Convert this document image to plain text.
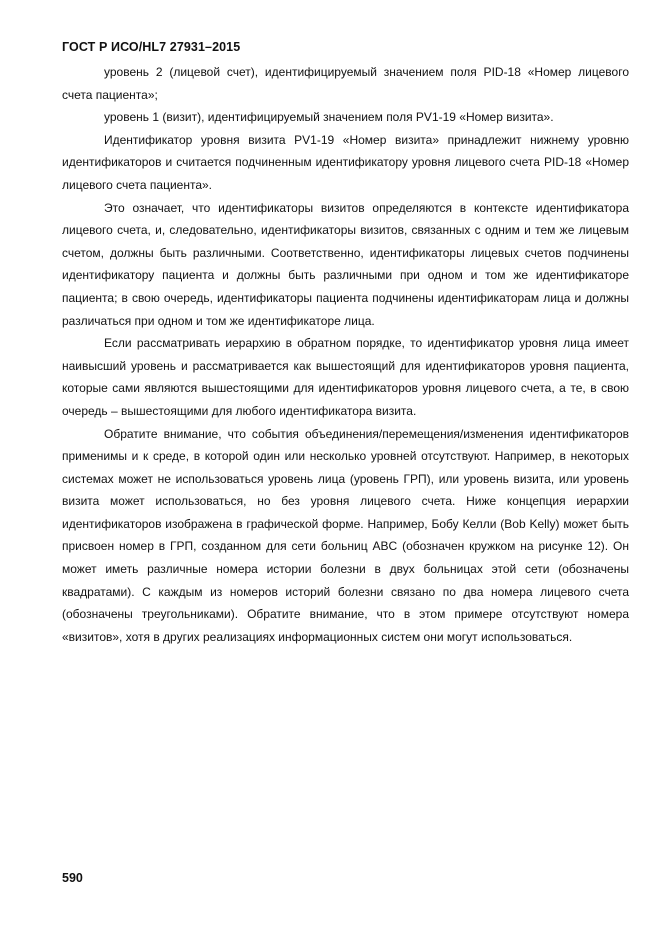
ГОСТ Р ИСО/HL7 27931–2015

уровень 2 (лицевой счет), идентифицируемый значением поля PID-18 «Номер лицевого счета пациента»;

уровень 1 (визит), идентифицируемый значением поля PV1-19 «Номер визита».

Идентификатор уровня визита PV1-19 «Номер визита» принадлежит нижнему уровню идентификаторов и считается подчиненным идентификатору уровня лицевого счета PID-18 «Номер лицевого счета пациента».

Это означает, что идентификаторы визитов определяются в контексте идентификатора лицевого счета, и, следовательно, идентификаторы визитов, связанных с одним и тем же лицевым счетом, должны быть различными. Соответственно, идентификаторы лицевых счетов подчинены идентификатору пациента и должны быть различными при одном и том же идентификаторе пациента; в свою очередь, идентификаторы пациента подчинены идентификаторам лица и должны различаться при одном и том же идентификаторе лица.

Если рассматривать иерархию в обратном порядке, то идентификатор уровня лица имеет наивысший уровень и рассматривается как вышестоящий для идентификаторов уровня пациента, которые сами являются вышестоящими для идентификаторов уровня лицевого счета, а те, в свою очередь – вышестоящими для любого идентификатора визита.

Обратите внимание, что события объединения/перемещения/изменения идентификаторов применимы и к среде, в которой один или несколько уровней отсутствуют. Например, в некоторых системах может не использоваться уровень лица (уровень ГРП), или уровень визита, или уровень визита может использоваться, но без уровня лицевого счета. Ниже концепция иерархии идентификаторов изображена в графической форме. Например, Бобу Келли (Bob Kelly) может быть присвоен номер в ГРП, созданном для сети больниц ABC (обозначен кружком на рисунке 12). Он может иметь различные номера истории болезни в двух больницах этой сети (обозначены квадратами). С каждым из номеров историй болезни связано по два номера лицевого счета (обозначены треугольниками). Обратите внимание, что в этом примере отсутствуют номера «визитов», хотя в других реализациях информационных систем они могут использоваться.

590
